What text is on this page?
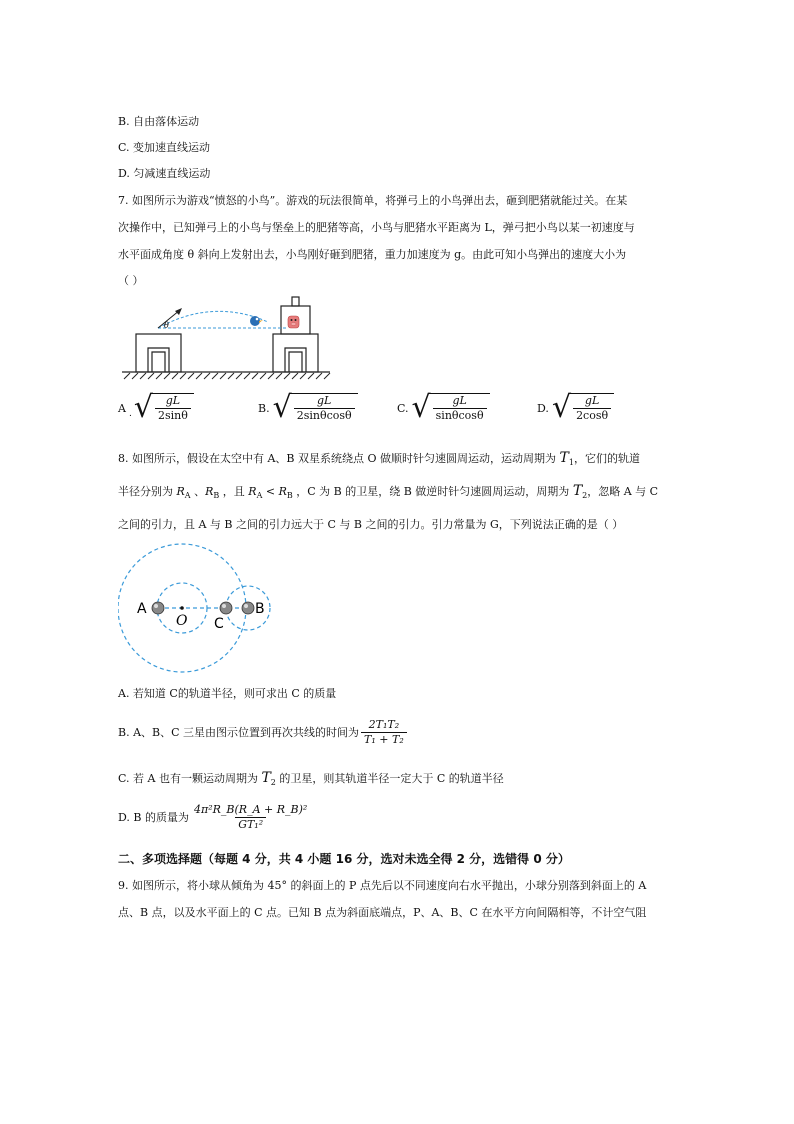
B. 自由落体运动
C. 变加速直线运动
D. 匀减速直线运动
7. 如图所示为游戏“愤怒的小鸟”。游戏的玩法很简单，将弹弓上的小鸟弹出去，砸到肥猪就能过关。在某
次操作中，已知弹弓上的小鸟与堡垒上的肥猪等高，小鸟与肥猪水平距离为 L，弹弓把小鸟以某一初速度与
水平面成角度 θ 斜向上发射出去，小鸟刚好砸到肥猪，重力加速度为 g。由此可知小鸟弹出的速度大小为
（ ）
θ
A . √ $\frac{gL}{2\sin\theta}$	B. √ $\frac{gL}{2\sin\theta\cos\theta}$	C. √ $\frac{gL}{\sin\theta\cos\theta}$	D. √ $\frac{gL}{2\cos\theta}$
8. 如图所示，假设在太空中有 A、B 双星系统绕点 O 做顺时针匀速圆周运动，运动周期为 $T_1$，它们的轨道
半径分别为 $R_A$ 、$R_B$ ，且 $R_A < R_B$ ，C 为 B 的卫星，绕 B 做逆时针匀速圆周运动，周期为 $T_2$，忽略 A 与 C
之间的引力，且 A 与 B 之间的引力远大于 C 与 B 之间的引力。引力常量为 G，下列说法正确的是（ ）
A
O C
B
A. 若知道 C的轨道半径，则可求出 C 的质量
B. A、B、C 三星由图示位置到再次共线的时间为 $\frac{\text{2T₁T₂}}{\text{T₁ + T₂}}$
C. 若 A 也有一颗运动周期为 $T_2$ 的卫星，则其轨道半径一定大于 C 的轨道半径
D. B 的质量为 $\frac{\text{4π²R\_B(R\_A + R\_B)²}}{\text{GT₁²}}$
二、多项选择题（每题 4 分，共 4 小题 16 分，选对未选全得 2 分，选错得 0 分）
9. 如图所示，将小球从倾角为 45° 的斜面上的 P 点先后以不同速度向右水平抛出，小球分别落到斜面上的 A
点、B 点，以及水平面上的 C 点。已知 B 点为斜面底端点，P、A、B、C 在水平方向间隔相等，不计空气阻
